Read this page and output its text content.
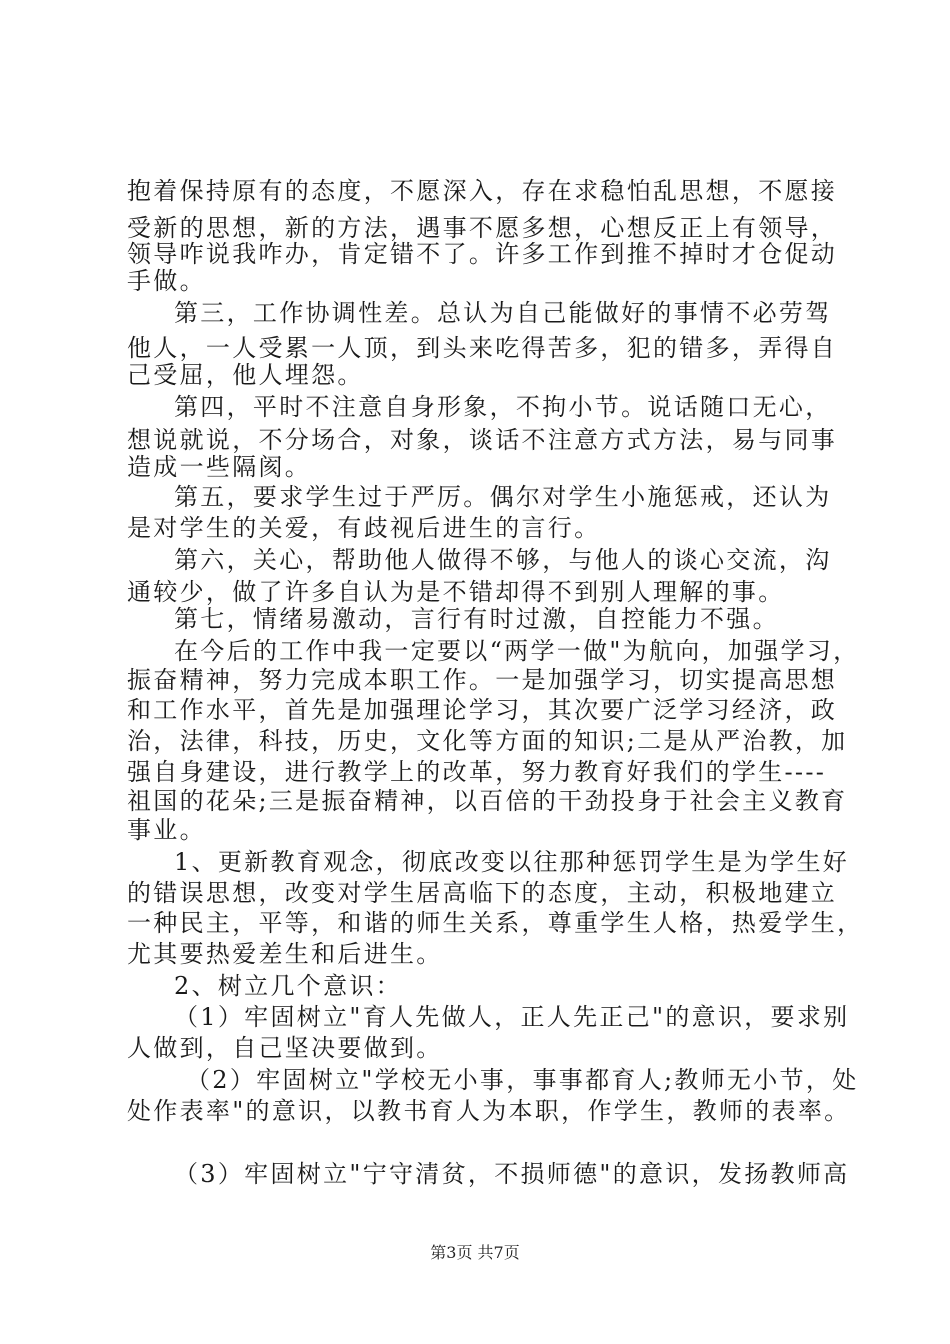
抱着保持原有的态度，不愿深入，存在求稳怕乱思想，不愿接
受新的思想，新的方法，遇事不愿多想，心想反正上有领导，
领导咋说我咋办，肯定错不了。许多工作到推不掉时才仓促动
手做。
第三，工作协调性差。总认为自己能做好的事情不必劳驾
他人，一人受累一人顶，到头来吃得苦多，犯的错多，弄得自
己受屈，他人埋怨。
第四，平时不注意自身形象，不拘小节。说话随口无心，
想说就说，不分场合，对象，谈话不注意方式方法，易与同事
造成一些隔阂。
第五，要求学生过于严厉。偶尔对学生小施惩戒，还认为
是对学生的关爱，有歧视后进生的言行。
第六，关心，帮助他人做得不够，与他人的谈心交流，沟
通较少，做了许多自认为是不错却得不到别人理解的事。
第七，情绪易激动，言行有时过激，自控能力不强。
在今后的工作中我一定要以“两学一做"为航向，加强学习，
振奋精神，努力完成本职工作。一是加强学习，切实提高思想
和工作水平，首先是加强理论学习，其次要广泛学习经济，政
治，法律，科技，历史，文化等方面的知识;二是从严治教，加
强自身建设，进行教学上的改革，努力教育好我们的学生----
祖国的花朵;三是振奋精神，以百倍的干劲投身于社会主义教育
事业。
1、更新教育观念，彻底改变以往那种惩罚学生是为学生好
的错误思想，改变对学生居高临下的态度，主动，积极地建立
一种民主，平等，和谐的师生关系，尊重学生人格，热爱学生，
尤其要热爱差生和后进生。
2、树立几个意识：
（1）牢固树立"育人先做人，正人先正己"的意识，要求别
人做到，自己坚决要做到。
（2）牢固树立"学校无小事，事事都育人;教师无小节，处
处作表率"的意识，以教书育人为本职，作学生，教师的表率。
（3）牢固树立"宁守清贫，不损师德"的意识，发扬教师高
第3页 共7页
